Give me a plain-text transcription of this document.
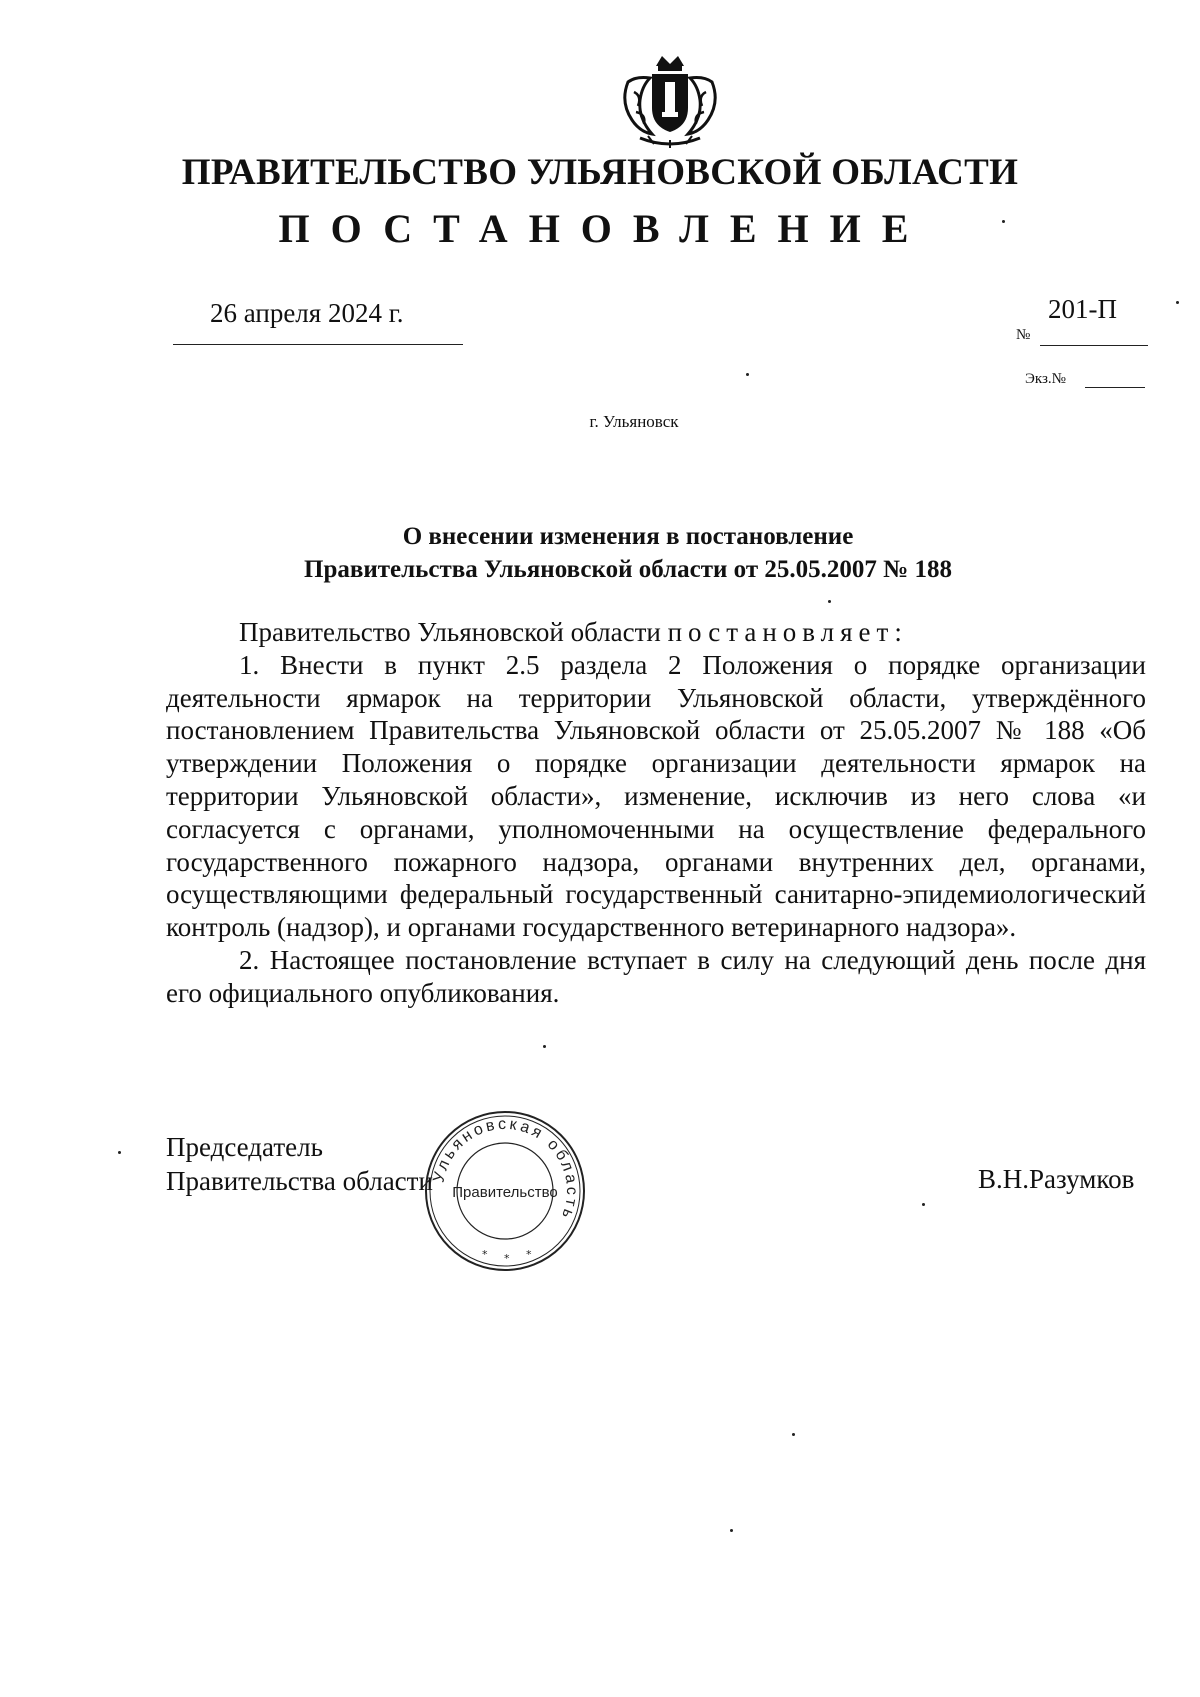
ПРАВИТЕЛЬСТВО УЛЬЯНОВСКОЙ ОБЛАСТИ
ПОСТАНОВЛЕНИЕ
26 апреля 2024 г.	201-П
№
Экз.№
г. Ульяновск
О внесении изменения в постановление
Правительства Ульяновской области от 25.05.2007 № 188

Правительство Ульяновской области постановляет:

1. Внести в пункт 2.5 раздела 2 Положения о порядке организации деятельности ярмарок на территории Ульяновской области, утверждённого постановлением Правительства Ульяновской области от 25.05.2007 № 188 «Об утверждении Положения о порядке организации деятельности ярмарок на территории Ульяновской области», изменение, исключив из него слова «и согласуется с органами, уполномоченными на осуществление федерального государственного пожарного надзора, органами внутренних дел, органами, осуществляющими федеральный государственный санитарно-эпидемиологический контроль (надзор), и органами государственного ветеринарного надзора».

2. Настоящее постановление вступает в силу на следующий день после дня его официального опубликования.

Председатель
Правительства области
Ульяновская область
Правительство
* * *
В.Н.Разумков
